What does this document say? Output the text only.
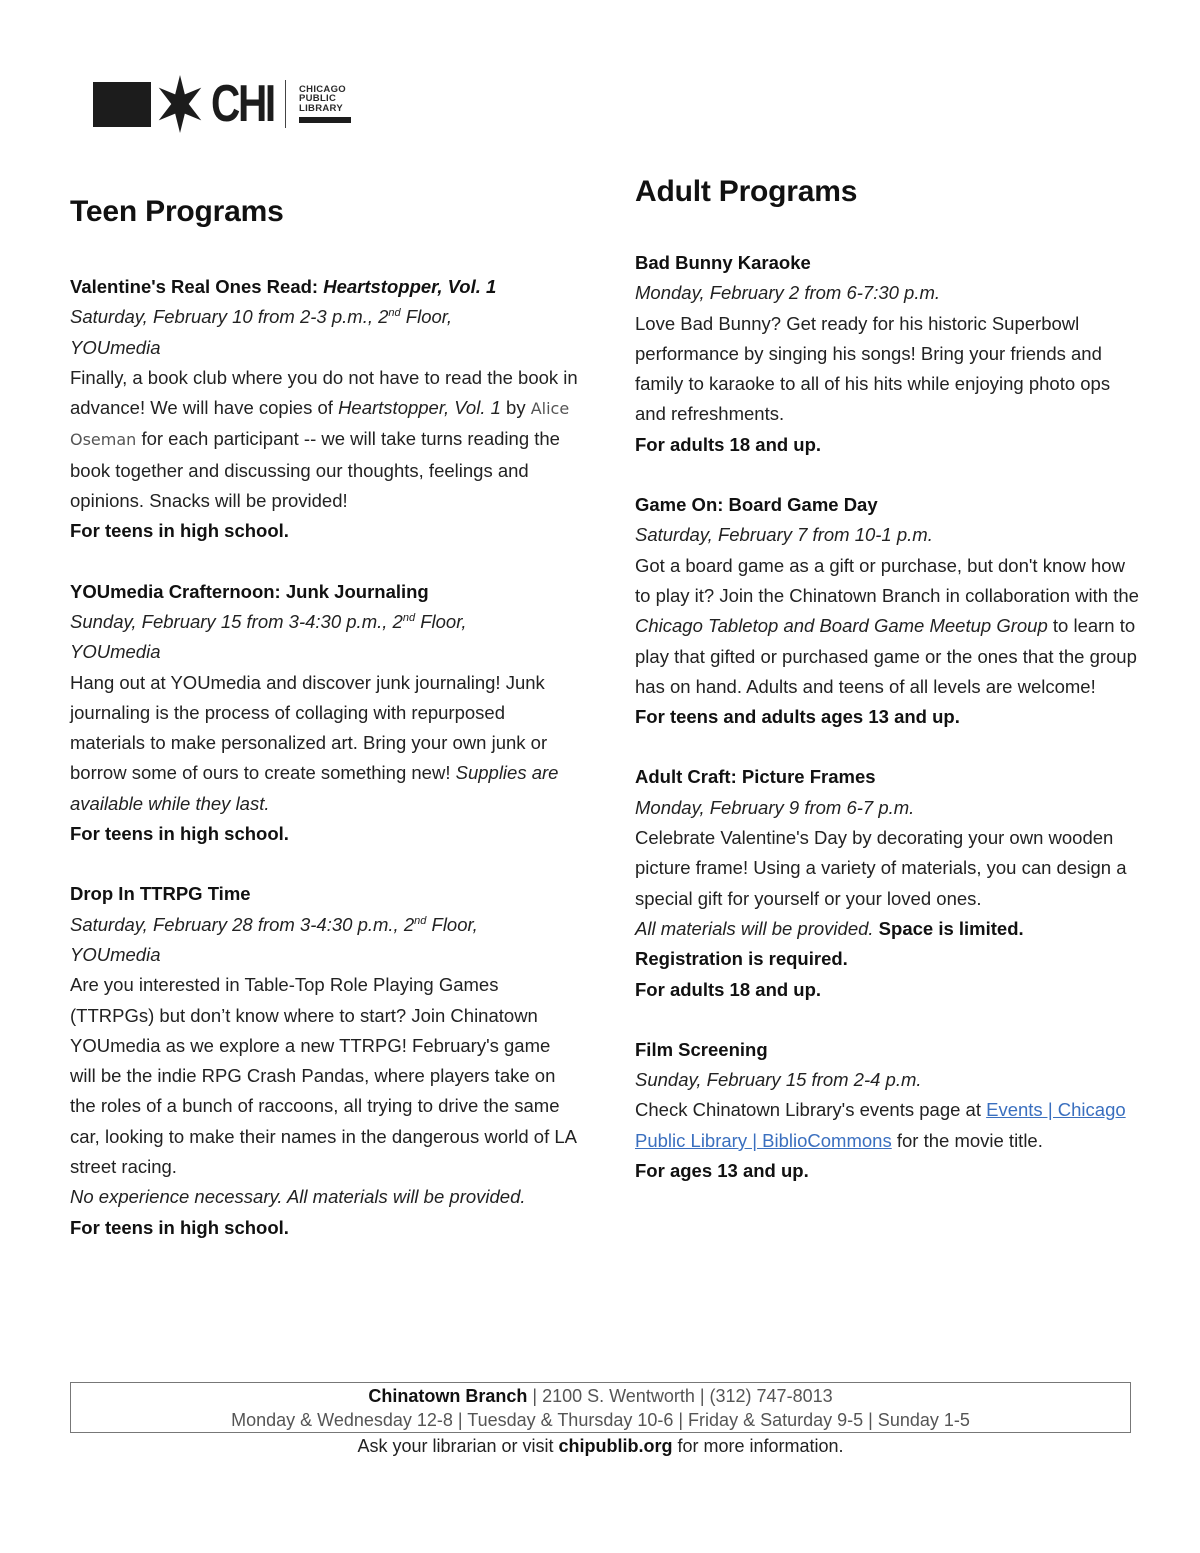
CHI	CHICAGO
PUBLIC
LIBRARY
Teen Programs
Valentine's Real Ones Read: Heartstopper, Vol. 1
Saturday, February 10 from 2-3 p.m., 2nd Floor,
YOUmedia
Finally, a book club where you do not have to read the book in advance! We will have copies of Heartstopper, Vol. 1 by Alice Oseman for each participant -- we will take turns reading the book together and discussing our thoughts, feelings and opinions. Snacks will be provided!
For teens in high school.
YOUmedia Crafternoon: Junk Journaling
Sunday, February 15 from 3-4:30 p.m., 2nd Floor,
YOUmedia
Hang out at YOUmedia and discover junk journaling! Junk journaling is the process of collaging with repurposed materials to make personalized art. Bring your own junk or borrow some of ours to create something new! Supplies are available while they last.
For teens in high school.
Drop In TTRPG Time
Saturday, February 28 from 3-4:30 p.m., 2nd Floor,
YOUmedia
Are you interested in Table-Top Role Playing Games (TTRPGs) but don’t know where to start? Join Chinatown YOUmedia as we explore a new TTRPG! February's game will be the indie RPG Crash Pandas, where players take on the roles of a bunch of raccoons, all trying to drive the same car, looking to make their names in the dangerous world of LA street racing.
No experience necessary. All materials will be provided.
For teens in high school.
Adult Programs
Bad Bunny Karaoke
Monday, February 2 from 6-7:30 p.m.
Love Bad Bunny? Get ready for his historic Superbowl performance by singing his songs! Bring your friends and family to karaoke to all of his hits while enjoying photo ops and refreshments.
For adults 18 and up.
Game On: Board Game Day
Saturday, February 7 from 10-1 p.m.
Got a board game as a gift or purchase, but don't know how to play it? Join the Chinatown Branch in collaboration with the Chicago Tabletop and Board Game Meetup Group to learn to play that gifted or purchased game or the ones that the group has on hand. Adults and teens of all levels are welcome!
For teens and adults ages 13 and up.
Adult Craft: Picture Frames
Monday, February 9 from 6-7 p.m.
Celebrate Valentine's Day by decorating your own wooden picture frame! Using a variety of materials, you can design a special gift for yourself or your loved ones.
All materials will be provided. Space is limited.
Registration is required.
For adults 18 and up.
Film Screening
Sunday, February 15 from 2-4 p.m.
Check Chinatown Library's events page at Events | Chicago Public Library | BiblioCommons for the movie title.
For ages 13 and up.
Chinatown Branch | 2100 S. Wentworth | (312) 747-8013
Monday & Wednesday 12-8 | Tuesday & Thursday 10-6 | Friday & Saturday 9-5 | Sunday 1-5
Ask your librarian or visit chipublib.org for more information.
